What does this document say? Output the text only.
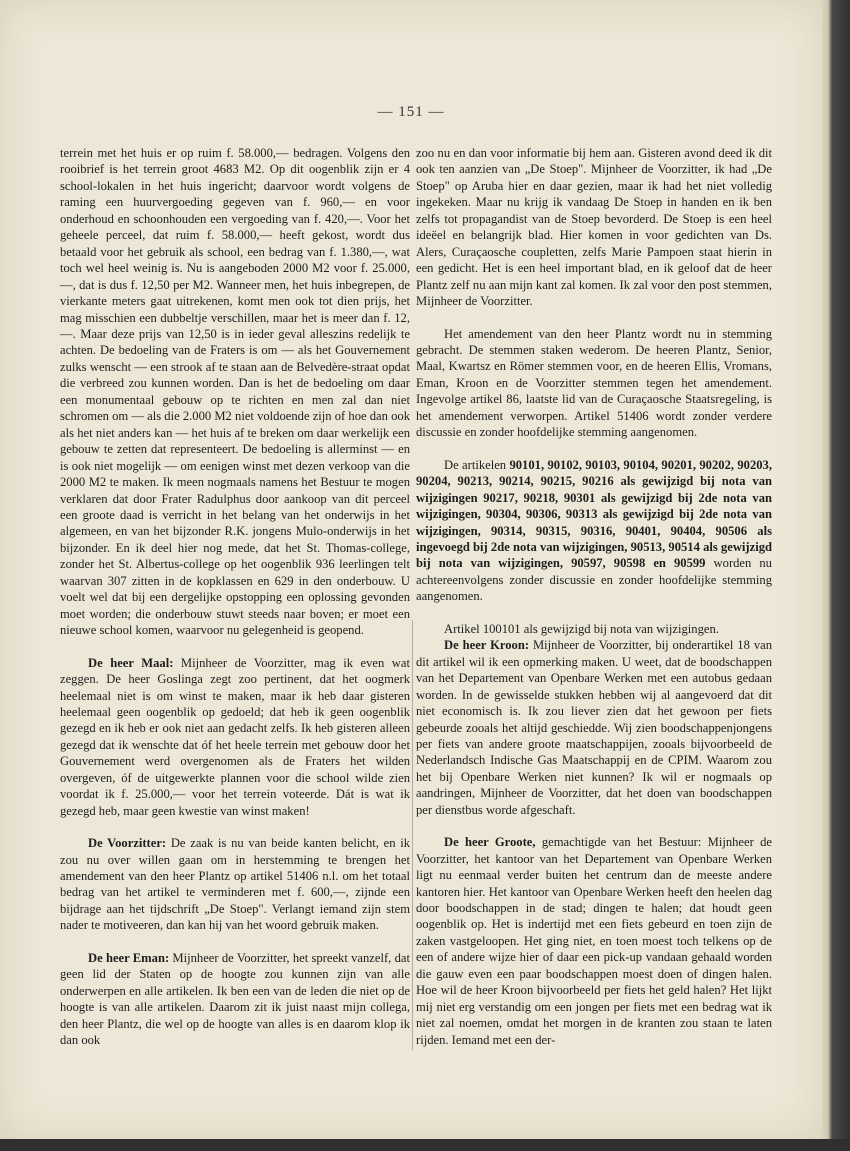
— 151 —

terrein met het huis er op ruim f. 58.000,— bedragen. Volgens den rooibrief is het terrein groot 4683 M2. Op dit oogenblik zijn er 4 school-lokalen in het huis ingericht; daarvoor wordt volgens de raming een huurvergoeding gegeven van f. 960,— en voor onderhoud en schoonhouden een vergoeding van f. 420,—. Voor het geheele perceel, dat ruim f. 58.000,— heeft gekost, wordt dus betaald voor het gebruik als school, een bedrag van f. 1.380,—, wat toch wel heel weinig is. Nu is aangeboden 2000 M2 voor f. 25.000,—, dat is dus f. 12,50 per M2. Wanneer men, het huis inbegrepen, de vierkante meters gaat uitrekenen, komt men ook tot dien prijs, het mag misschien een dubbeltje verschillen, maar het is meer dan f. 12,—. Maar deze prijs van 12,50 is in ieder geval alleszins redelijk te achten. De bedoeling van de Fraters is om — als het Gouvernement zulks wenscht — een strook af te staan aan de Belvedère-straat opdat die verbreed zou kunnen worden. Dan is het de bedoeling om daar een monumentaal gebouw op te richten en men zal dan niet schromen om — als die 2.000 M2 niet voldoende zijn of hoe dan ook als het niet anders kan — het huis af te breken om daar werkelijk een gebouw te zetten dat representeert. De bedoeling is allerminst — en is ook niet mogelijk — om eenigen winst met dezen verkoop van die 2000 M2 te maken. Ik meen nogmaals namens het Bestuur te mogen verklaren dat door Frater Radulphus door aankoop van dit perceel een groote daad is verricht in het belang van het onderwijs in het algemeen, en van het bijzonder R.K. jongens Mulo-onderwijs in het bijzonder. En ik deel hier nog mede, dat het St. Thomas-college, zonder het St. Albertus-college op het oogenblik 936 leerlingen telt waarvan 307 zitten in de kopklassen en 629 in den onderbouw. U voelt wel dat bij een dergelijke opstopping een oplossing gevonden moet worden; die onderbouw stuwt steeds naar boven; er moet een nieuwe school komen, waarvoor nu gelegenheid is geopend.

De heer Maal: Mijnheer de Voorzitter, mag ik even wat zeggen. De heer Goslinga zegt zoo pertinent, dat het oogmerk heelemaal niet is om winst te maken, maar ik heb daar gisteren heelemaal geen oogenblik op gedoeld; dat heb ik geen oogenblik gezegd en ik heb er ook niet aan gedacht zelfs. Ik heb gisteren alleen gezegd dat ik wenschte dat óf het heele terrein met gebouw door het Gouvernement werd overgenomen als de Fraters het wilden overgeven, óf de uitgewerkte plannen voor die school wilde zien voordat ik f. 25.000,— voor het terrein voteerde. Dát is wat ik gezegd heb, maar geen kwestie van winst maken!

De Voorzitter: De zaak is nu van beide kanten belicht, en ik zou nu over willen gaan om in herstemming te brengen het amendement van den heer Plantz op artikel 51406 n.l. om het totaal bedrag van het artikel te verminderen met f. 600,—, zijnde een bijdrage aan het tijdschrift „De Stoep". Verlangt iemand zijn stem nader te motiveeren, dan kan hij van het woord gebruik maken.

De heer Eman: Mijnheer de Voorzitter, het spreekt vanzelf, dat geen lid der Staten op de hoogte zou kunnen zijn van alle onderwerpen en alle artikelen. Ik ben een van de leden die niet op de hoogte is van alle artikelen. Daarom zit ik juist naast mijn collega, den heer Plantz, die wel op de hoogte van alles is en daarom klop ik dan ook

zoo nu en dan voor informatie bij hem aan. Gisteren avond deed ik dit ook ten aanzien van „De Stoep". Mijnheer de Voorzitter, ik had „De Stoep" op Aruba hier en daar gezien, maar ik had het niet volledig ingekeken. Maar nu krijg ik vandaag De Stoep in handen en ik ben zelfs tot propagandist van de Stoep bevorderd. De Stoep is een heel ideëel en belangrijk blad. Hier komen in voor gedichten van Ds. Alers, Curaçaosche coupletten, zelfs Marie Pampoen staat hierin in een gedicht. Het is een heel important blad, en ik geloof dat de heer Plantz zelf nu aan mijn kant zal komen. Ik zal voor den post stemmen, Mijnheer de Voorzitter.

Het amendement van den heer Plantz wordt nu in stemming gebracht. De stemmen staken wederom. De heeren Plantz, Senior, Maal, Kwartsz en Römer stemmen voor, en de heeren Ellis, Vromans, Eman, Kroon en de Voorzitter stemmen tegen het amendement. Ingevolge artikel 86, laatste lid van de Curaçaosche Staatsregeling, is het amendement verworpen. Artikel 51406 wordt zonder verdere discussie en zonder hoofdelijke stemming aangenomen.

De artikelen 90101, 90102, 90103, 90104, 90201, 90202, 90203, 90204, 90213, 90214, 90215, 90216 als gewijzigd bij nota van wijzigingen 90217, 90218, 90301 als gewijzigd bij 2de nota van wijzigingen, 90304, 90306, 90313 als gewijzigd bij 2de nota van wijzigingen, 90314, 90315, 90316, 90401, 90404, 90506 als ingevoegd bij 2de nota van wijzigingen, 90513, 90514 als gewijzigd bij nota van wijzigingen, 90597, 90598 en 90599 worden nu achtereenvolgens zonder discussie en zonder hoofdelijke stemming aangenomen.

Artikel 100101 als gewijzigd bij nota van wijzigingen.

De heer Kroon: Mijnheer de Voorzitter, bij onderartikel 18 van dit artikel wil ik een opmerking maken. U weet, dat de boodschappen van het Departement van Openbare Werken met een autobus gedaan worden. In de gewisselde stukken hebben wij al aangevoerd dat dit niet economisch is. Ik zou liever zien dat het gewoon per fiets gebeurde zooals het altijd geschiedde. Wij zien boodschappenjongens per fiets van andere groote maatschappijen, zooals bijvoorbeeld de Nederlandsch Indische Gas Maatschappij en de CPIM. Waarom zou het bij Openbare Werken niet kunnen? Ik wil er nogmaals op aandringen, Mijnheer de Voorzitter, dat het doen van boodschappen per dienstbus worde afgeschaft.

De heer Groote, gemachtigde van het Bestuur: Mijnheer de Voorzitter, het kantoor van het Departement van Openbare Werken ligt nu eenmaal verder buiten het centrum dan de meeste andere kantoren hier. Het kantoor van Openbare Werken heeft den heelen dag door boodschappen in de stad; dingen te halen; dat houdt geen oogenblik op. Het is indertijd met een fiets gebeurd en toen zijn de zaken vastgeloopen. Het ging niet, en toen moest toch telkens op de een of andere wijze hier of daar een pick-up vandaan gehaald worden die gauw even een paar boodschappen moest doen of dingen halen. Hoe wil de heer Kroon bijvoorbeeld per fiets het geld halen? Het lijkt mij niet erg verstandig om een jongen per fiets met een bedrag wat ik niet zal noemen, omdat het morgen in de kranten zou staan te laten rijden. Iemand met een der-
